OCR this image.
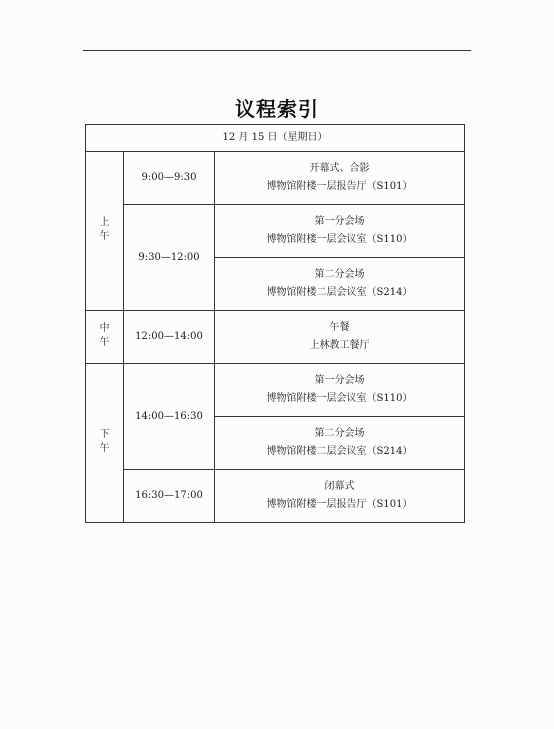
议程索引
12 月 15 日（星期日）		
上午	9:00—9:30	开幕式、合影
博物馆附楼一层报告厅（S101）

	9:30—12:00	第一分会场
博物馆附楼一层会议室（S110）

		第二分会场
博物馆附楼二层会议室（S214）

中午	12:00—14:00	午餐
上林教工餐厅

下午	14:00—16:30	第一分会场
博物馆附楼一层会议室（S110）

		第二分会场
博物馆附楼二层会议室（S214）

	16:30—17:00	闭幕式
博物馆附楼一层报告厅（S101）
